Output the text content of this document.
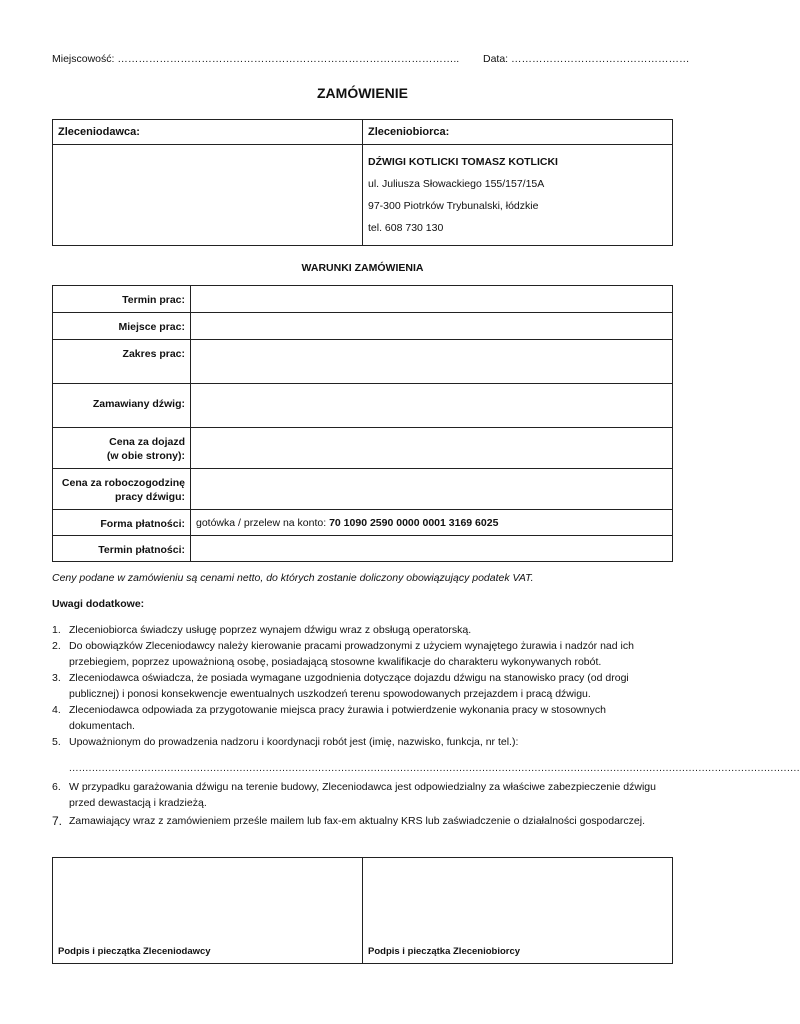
Miejscowość: …………………………………………………………………………………….. Data: ……………………………………………
ZAMÓWIENIE
Zleceniodawca:	Zleceniobiorca:

	DŹWIGI KOTLICKI TOMASZ KOTLICKI
ul. Juliusza Słowackiego 155/157/15A
97-300 Piotrków Trybunalski, łódzkie
tel. 608 730 130
WARUNKI ZAMÓWIENIA
Termin prac:	
Miejsce prac:	
Zakres prac:	
Zamawiany dźwig:	

Cena za dojazd
(w obie strony):	

Cena za roboczogodzinę
pracy dźwigu:	

Forma płatności:	gotówka / przelew na konto: 70 1090 2590 0000 0001 3169 6025
Termin płatności:	
Ceny podane w zamówieniu są cenami netto, do których zostanie doliczony obowiązujący podatek VAT.
Uwagi dodatkowe:
1. Zleceniobiorca świadczy usługę poprzez wynajem dźwigu wraz z obsługą operatorską.
2. Do obowiązków Zleceniodawcy należy kierowanie pracami prowadzonymi z użyciem wynajętego żurawia i nadzór nad ich przebiegiem, poprzez upoważnioną osobę, posiadającą stosowne kwalifikacje do charakteru wykonywanych robót.
3. Zleceniodawca oświadcza, że posiada wymagane uzgodnienia dotyczące dojazdu dźwigu na stanowisko pracy (od drogi publicznej) i ponosi konsekwencje ewentualnych uszkodzeń terenu spowodowanych przejazdem i pracą dźwigu.
4. Zleceniodawca odpowiada za przygotowanie miejsca pracy żurawia i potwierdzenie wykonania pracy w stosownych dokumentach.
5. Upoważnionym do prowadzenia nadzoru i koordynacji robót jest (imię, nazwisko, funkcja, nr tel.):
6. W przypadku garażowania dźwigu na terenie budowy, Zleceniodawca jest odpowiedzialny za właściwe zabezpieczenie dźwigu przed dewastacją i kradzieżą.
7. Zamawiający wraz z zamówieniem prześle mailem lub fax-em aktualny KRS lub zaświadczenie o działalności gospodarczej.
...............................................................................................................................................................................................................................
Podpis i pieczątka Zleceniodawcy	Podpis i pieczątka Zleceniobiorcy
